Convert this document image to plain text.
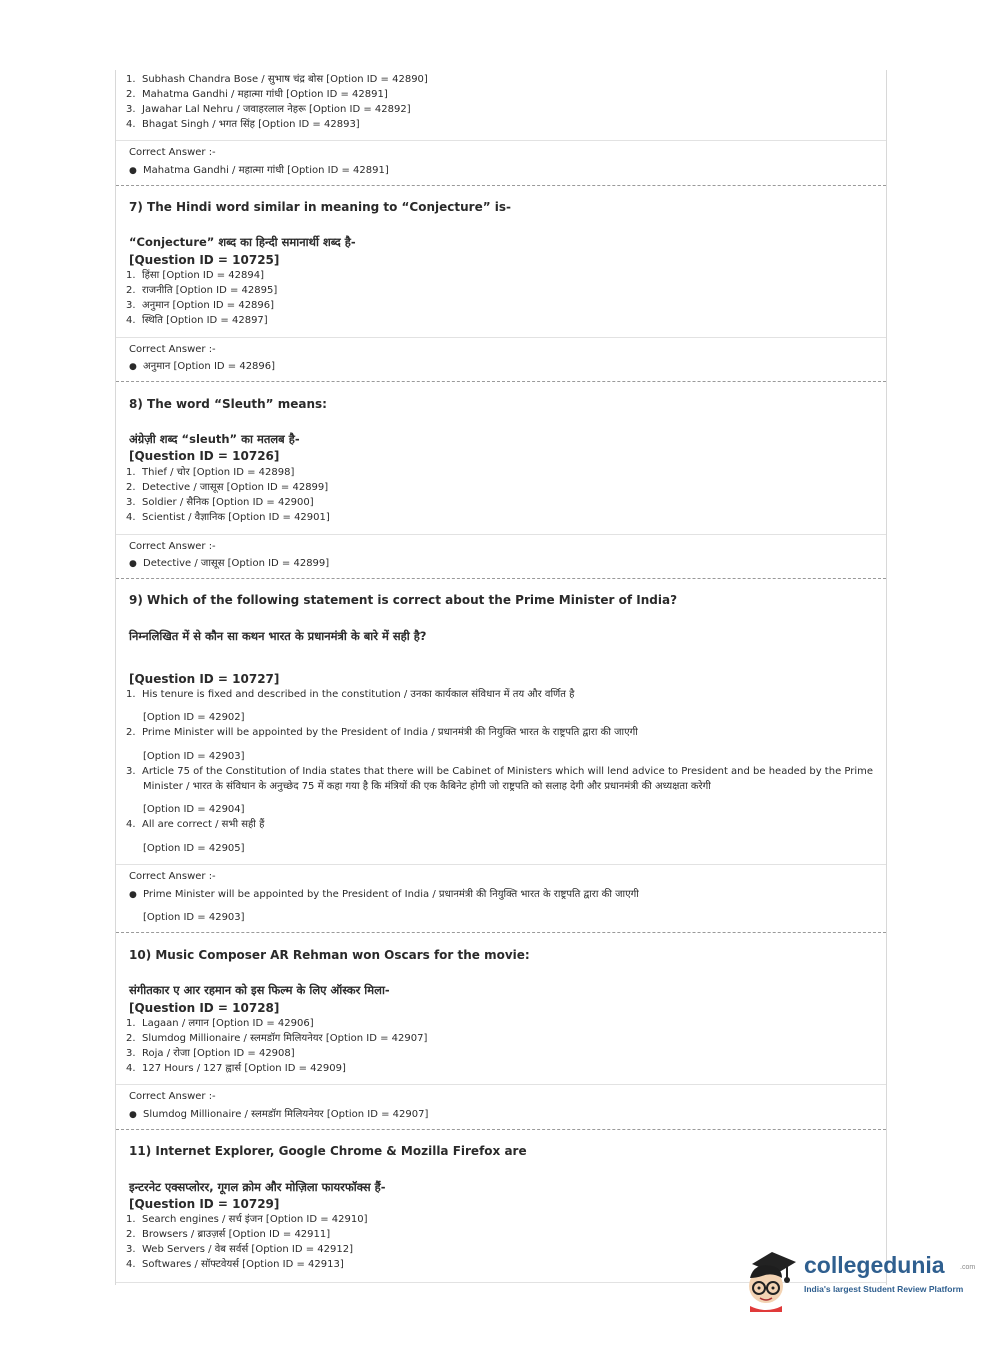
1. Subhash Chandra Bose / सुभाष चंद्र बोस [Option ID = 42890]
2. Mahatma Gandhi / महात्मा गांधी [Option ID = 42891]
3. Jawahar Lal Nehru / जवाहरलाल नेहरू [Option ID = 42892]
4. Bhagat Singh / भगत सिंह [Option ID = 42893]
Correct Answer :-
● Mahatma Gandhi / महात्मा गांधी [Option ID = 42891]
7) The Hindi word similar in meaning to “Conjecture” is-
“Conjecture” शब्द का हिन्दी समानार्थी शब्द है-
[Question ID = 10725]
1. हिंसा [Option ID = 42894]
2. राजनीति [Option ID = 42895]
3. अनुमान [Option ID = 42896]
4. स्थिति [Option ID = 42897]
Correct Answer :-
● अनुमान [Option ID = 42896]
8) The word “Sleuth” means:
अंग्रेज़ी शब्द “sleuth” का मतलब है-
[Question ID = 10726]
1. Thief / चोर [Option ID = 42898]
2. Detective / जासूस [Option ID = 42899]
3. Soldier / सैनिक [Option ID = 42900]
4. Scientist / वैज्ञानिक [Option ID = 42901]
Correct Answer :-
● Detective / जासूस [Option ID = 42899]
9) Which of the following statement is correct about the Prime Minister of India?
निम्नलिखित में से कौन सा कथन भारत के प्रधानमंत्री के बारे में सही है?
[Question ID = 10727]
1. His tenure is fixed and described in the constitution / उनका कार्यकाल संविधान में तय और वर्णित है
[Option ID = 42902]
2. Prime Minister will be appointed by the President of India / प्रधानमंत्री की नियुक्ति भारत के राष्ट्रपति द्वारा की जाएगी
[Option ID = 42903]
3. Article 75 of the Constitution of India states that there will be Cabinet of Ministers which will lend advice to President and be headed by the Prime
Minister / भारत के संविधान के अनुच्छेद 75 में कहा गया है कि मंत्रियों की एक कैबिनेट होगी जो राष्ट्रपति को सलाह देगी और प्रधानमंत्री की अध्यक्षता करेगी
[Option ID = 42904]
4. All are correct / सभी सही हैं
[Option ID = 42905]
Correct Answer :-
● Prime Minister will be appointed by the President of India / प्रधानमंत्री की नियुक्ति भारत के राष्ट्रपति द्वारा की जाएगी
[Option ID = 42903]
10) Music Composer AR Rehman won Oscars for the movie:
संगीतकार ए आर रहमान को इस फिल्म के लिए ऑस्कर मिला-
[Question ID = 10728]
1. Lagaan / लगान [Option ID = 42906]
2. Slumdog Millionaire / स्लमडॉग मिलियनेयर [Option ID = 42907]
3. Roja / रोजा [Option ID = 42908]
4. 127 Hours / 127 ह्वार्स [Option ID = 42909]
Correct Answer :-
● Slumdog Millionaire / स्लमडॉग मिलियनेयर [Option ID = 42907]
11) Internet Explorer, Google Chrome & Mozilla Firefox are
इन्टरनेट एक्सप्लोरर, गूगल क्रोम और मोज़िला फायरफॉक्स हैं-
[Question ID = 10729]
1. Search engines / सर्च इंजन [Option ID = 42910]
2. Browsers / ब्राउज़र्स [Option ID = 42911]
3. Web Servers / वेब सर्वर्स [Option ID = 42912]
4. Softwares / सॉफ्टवेयर्स [Option ID = 42913]	collegedunia .com
India's largest Student Review Platform
